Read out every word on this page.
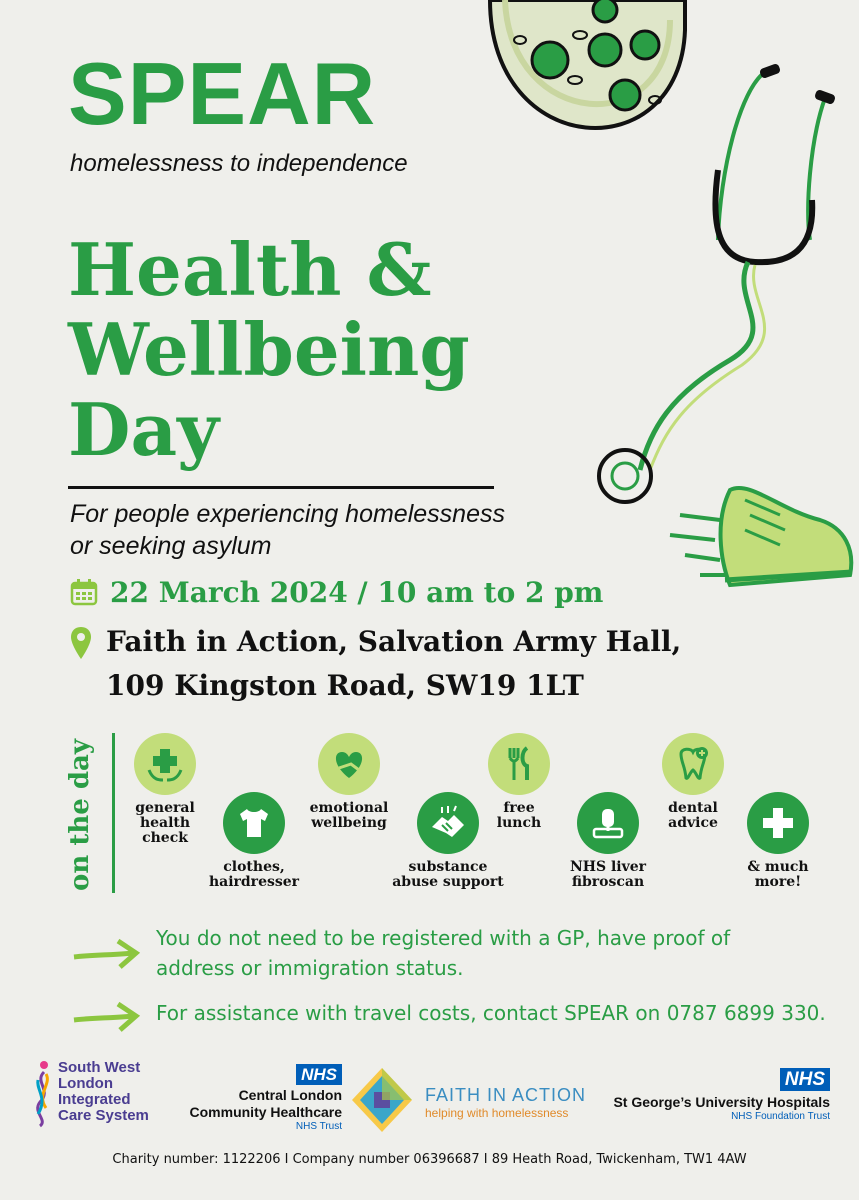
SPEAR
homelessness to independence
Health &
Wellbeing
Day
For people experiencing homelessness or seeking asylum
22 March 2024 / 10 am to 2 pm
Faith in Action, Salvation Army Hall,
109 Kingston Road, SW19 1LT
on the day	general
health
check
emotional
wellbeing
free
lunch
dental
advice
clothes,
hairdresser
substance
abuse support
NHS liver
fibroscan
& much
more!
You do not need to be registered with a GP, have proof of
address or immigration status.
For assistance with travel costs, contact SPEAR on 0787 6899 330.
South West
London
Integrated
Care System
NHS
Central London
Community Healthcare
NHS Trust
FAITH IN ACTION
helping with homelessness
NHS
St George’s University Hospitals
NHS Foundation Trust
Charity number: 1122206 I Company number 06396687 I 89 Heath Road, Twickenham, TW1 4AW
